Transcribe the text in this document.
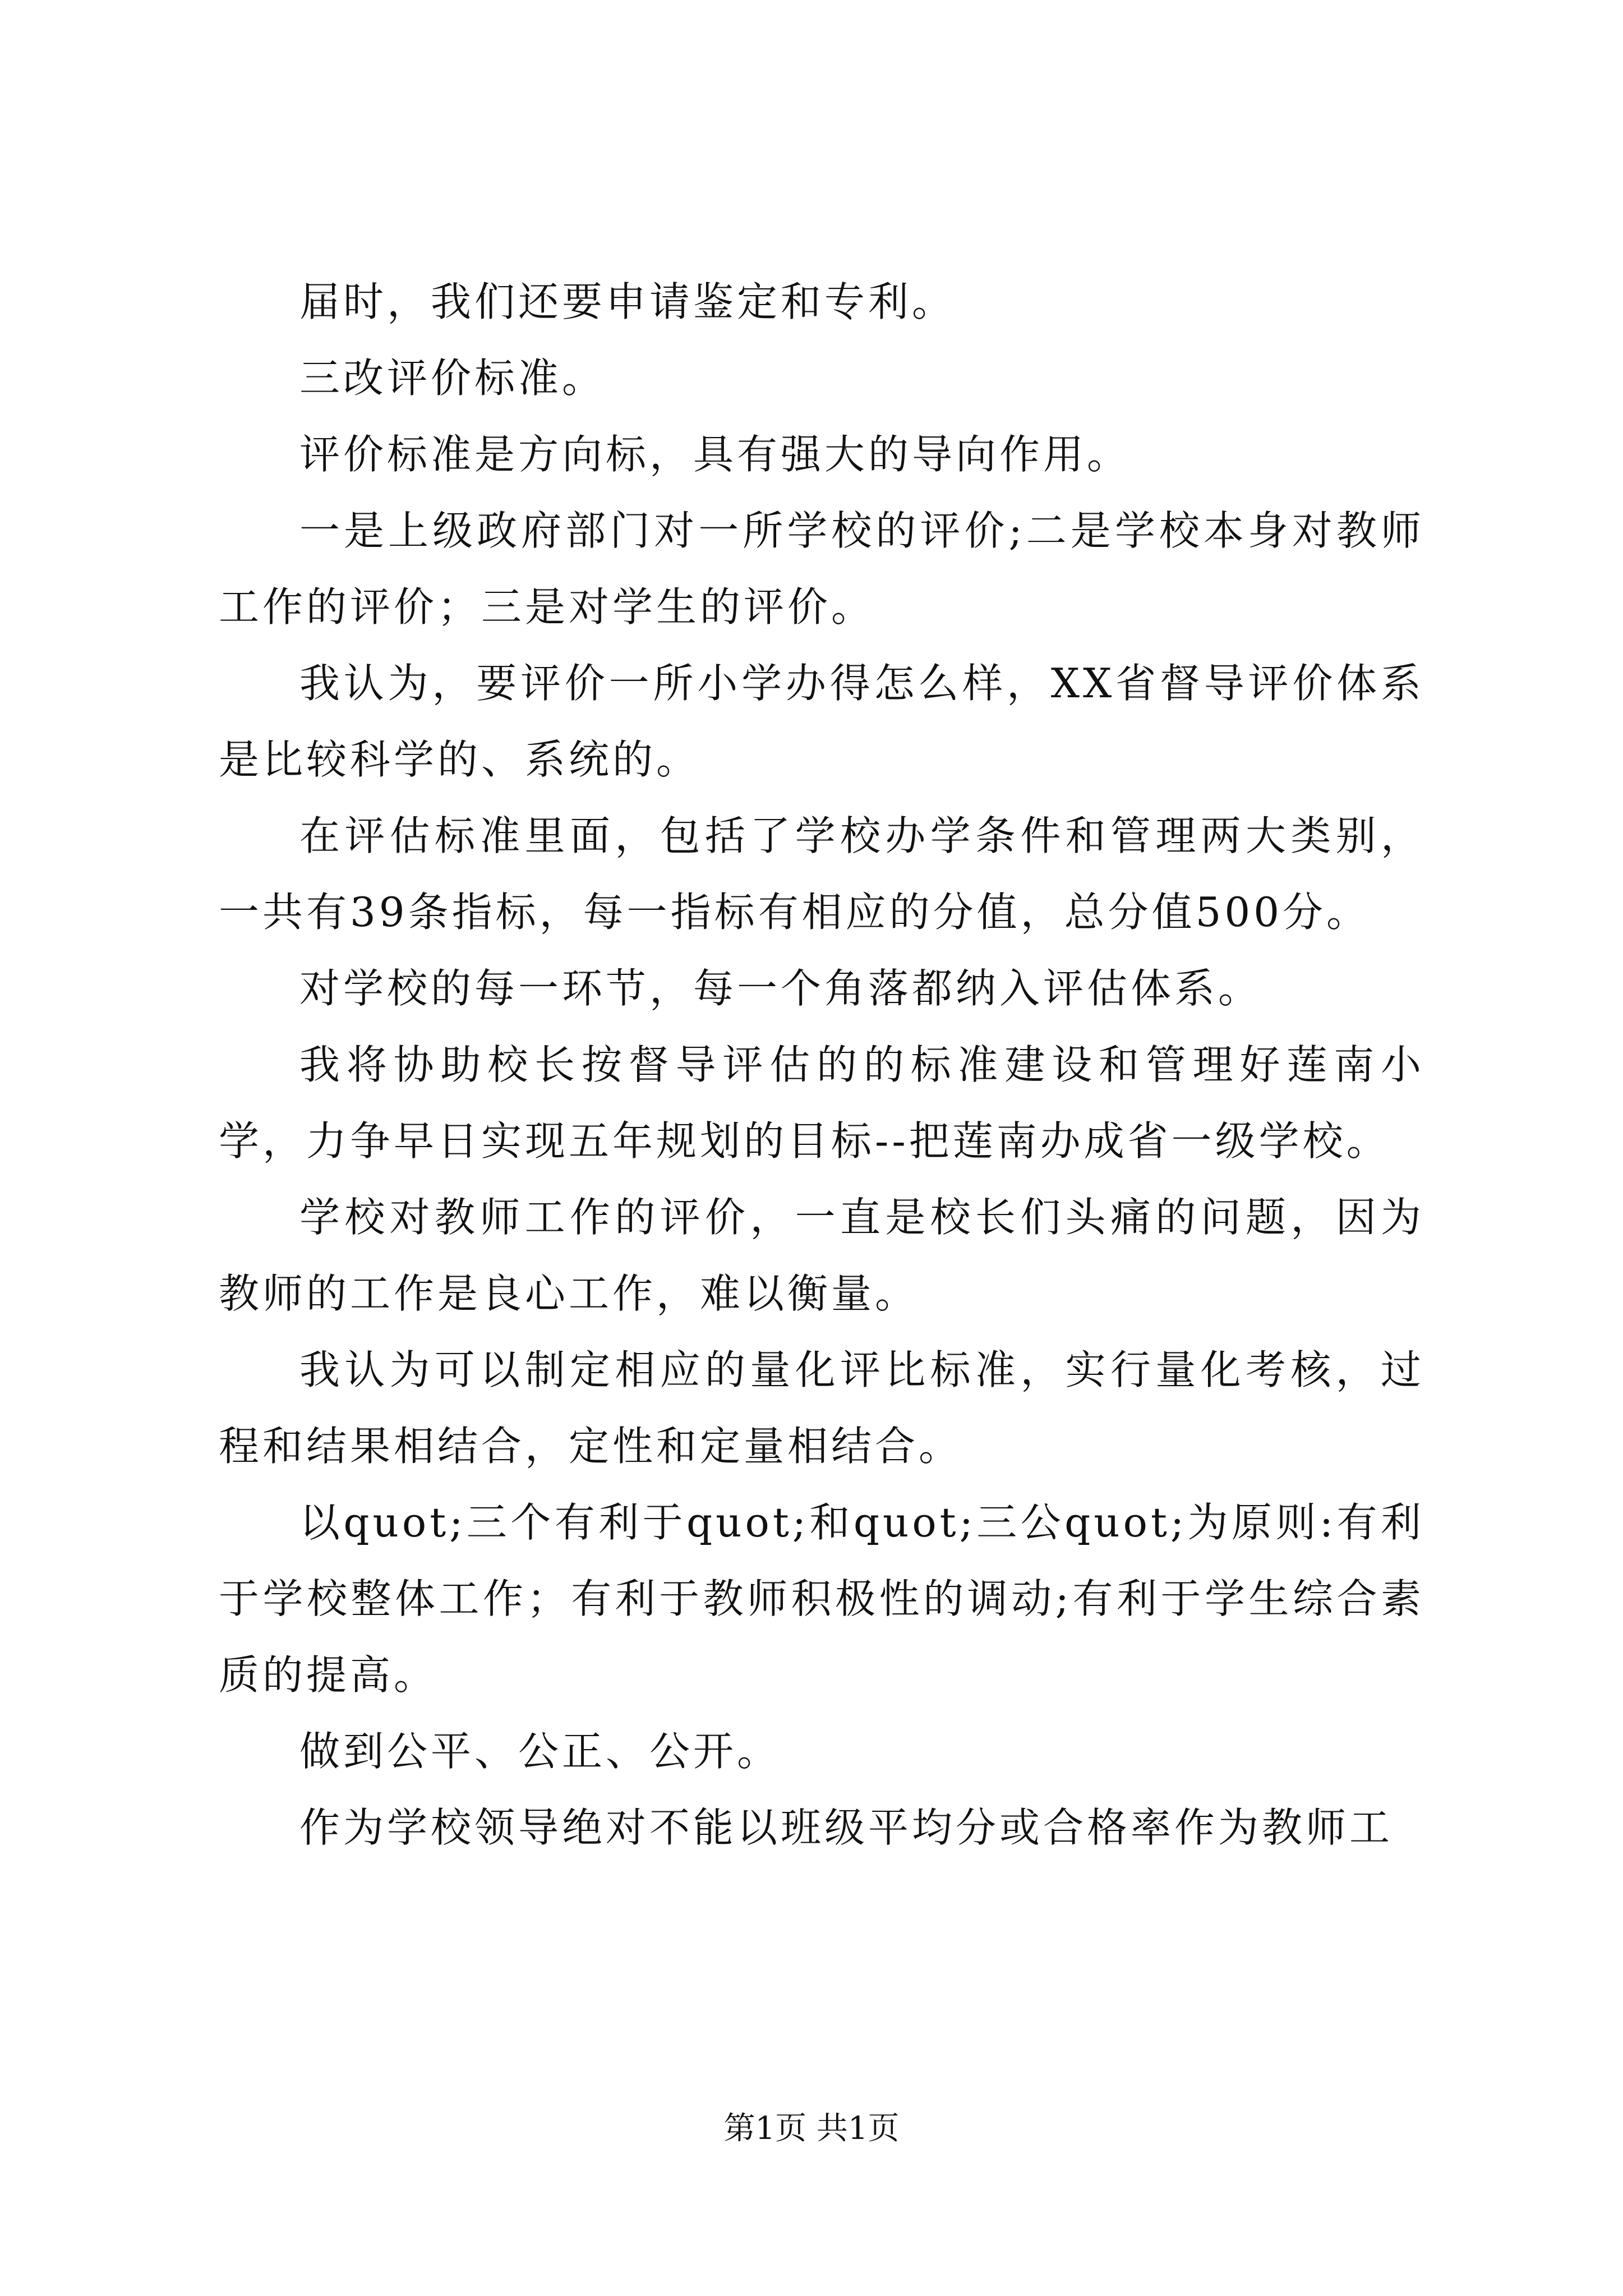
届时，我们还要申请鉴定和专利。

三改评价标准。

评价标准是方向标，具有强大的导向作用。

一是上级政府部门对一所学校的评价;二是学校本身对教师工作的评价；三是对学生的评价。

我认为，要评价一所小学办得怎么样，XX省督导评价体系是比较科学的、系统的。

在评估标准里面，包括了学校办学条件和管理两大类别，一共有39条指标，每一指标有相应的分值，总分值500分。

对学校的每一环节，每一个角落都纳入评估体系。

我将协助校长按督导评估的的标准建设和管理好莲南小学，力争早日实现五年规划的目标--把莲南办成省一级学校。

学校对教师工作的评价，一直是校长们头痛的问题，因为教师的工作是良心工作，难以衡量。

我认为可以制定相应的量化评比标准，实行量化考核，过程和结果相结合，定性和定量相结合。

以quot;三个有利于quot;和quot;三公quot;为原则:有利于学校整体工作；有利于教师积极性的调动;有利于学生综合素质的提高。

做到公平、公正、公开。

作为学校领导绝对不能以班级平均分或合格率作为教师工

第1页 共1页
